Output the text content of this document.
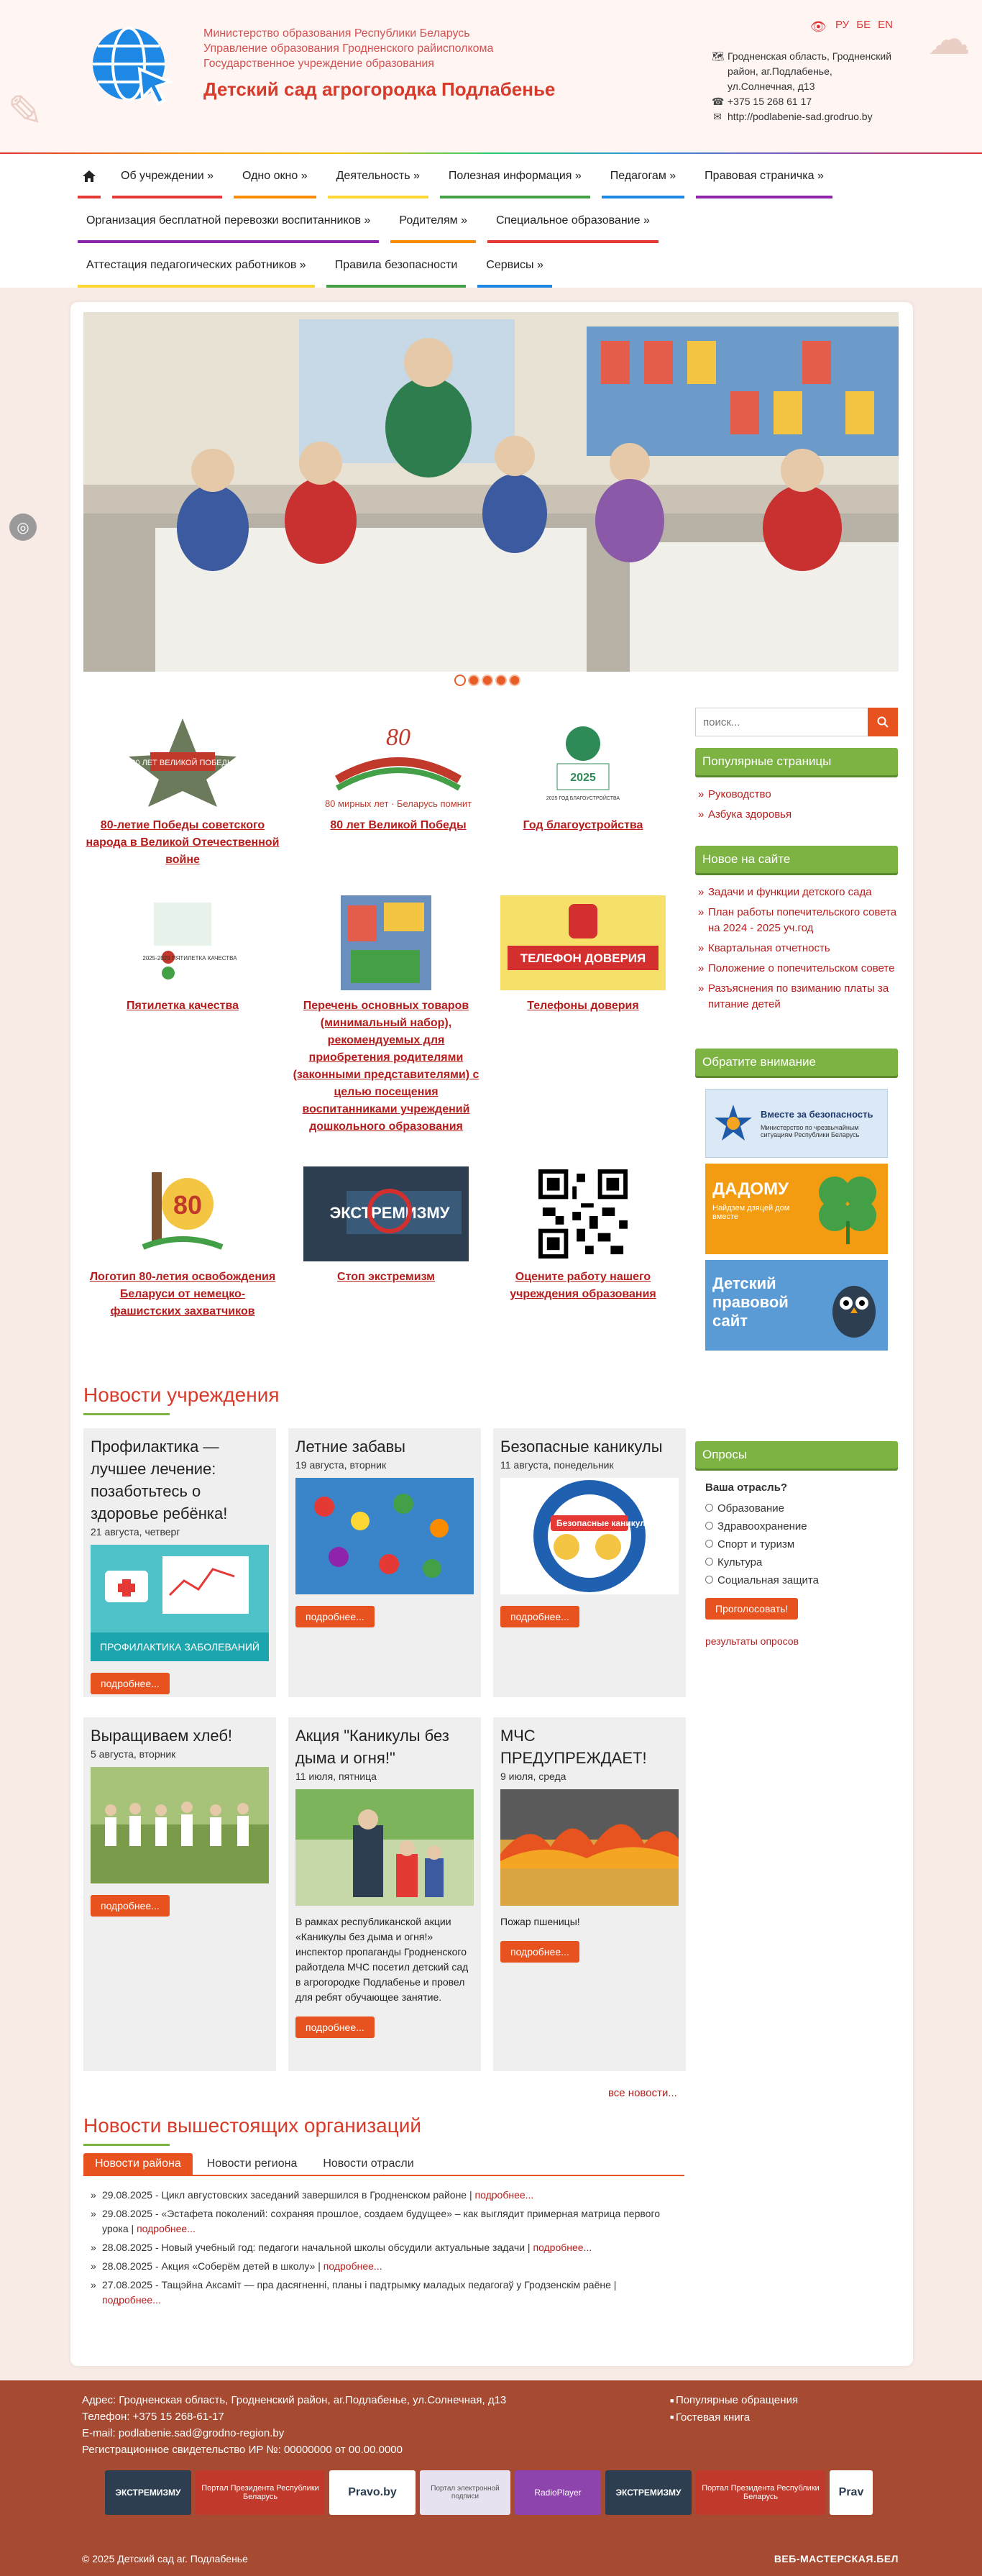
✎
☁
Министерство образования Республики Беларусь
Управление образования Гродненского райисполкома
Государственное учреждение образования
Детский сад агрогородка Подлабенье
👁 РУ БЕ EN
🗺 Гродненская область, Гродненский район, аг.Подлабенье, ул.Солнечная, д13
☎ +375 15 268 61 17
✉ http://podlabenie-sad.grodruo.by
Об учреждении »	Одно окно »	Деятельность »	Полезная информация »	Педагогам »	Правовая страничка »
Организация бесплатной перевозки воспитанников »	Родителям »	Специальное образование »
Аттестация педагогических работников »	Правила безопасности	Сервисы »
◎
80 ЛЕТ ВЕЛИКОЙ ПОБЕДЫ
80-летие Победы советского народа в Великой Отечественной войне
80
80 мирных лет · Беларусь помнит
80 лет Великой Победы
2025
2025 ГОД БЛАГОУСТРОЙСТВА
Год благоустройства
2025-2029 ПЯТИЛЕТКА КАЧЕСТВА
Пятилетка качества	Перечень основных товаров (минимальный набор), рекомендуемых для приобретения родителями (законными представителями) с целью посещения воспитанниками учреждений дошкольного образования
ТЕЛЕФОН ДОВЕРИЯ
Телефоны доверия
80
Логотип 80-летия освобождения Беларуси от немецко-фашистских захватчиков
ЭКСТРЕМИЗМУ
Стоп экстремизм	Оцените работу нашего учреждения образования
поиск...
Популярные страницы
» Руководство
» Азбука здоровья
Новое на сайте
» Задачи и функции детского сада
» План работы попечительского совета на 2024 - 2025 уч.год
» Квартальная отчетность
» Положение о попечительском совете
» Разъяснения по взиманию платы за питание детей
Обратите внимание
Вместе за безопасность
Министерство по чрезвычайным ситуациям Республики Беларусь
ДАДОМУ
Найдзем дзяцей дом вместе
Детский правовой сайт
Опросы
Ваша отрасль?
Образование
Здравоохранение
Спорт и туризм
Культура
Социальная защита
Проголосовать!
результаты опросов
Новости учреждения
Профилактика — лучшее лечение: позаботьтесь о здоровье ребёнка!
21 августа, четверг
ПРОФИЛАКТИКА ЗАБОЛЕВАНИЙ
подробнее...
Летние забавы
19 августа, вторник
подробнее...
Безопасные каникулы
11 августа, понедельник
Безопасные каникулы
подробнее...
Выращиваем хлеб!
5 августа, вторник
подробнее...
Акция "Каникулы без дыма и огня!"
11 июля, пятница
В рамках республиканской акции «Каникулы без дыма и огня!» инспектор пропаганды Гродненского райотдела МЧС посетил детский сад в агрогородке Подлабенье и провел для ребят обучающее занятие.
подробнее...
МЧС ПРЕДУПРЕЖДАЕТ!
9 июля, среда
Пожар пшеницы!
подробнее...
все новости...
Новости вышестоящих организаций
Новости района	Новости региона	Новости отрасли
» 29.08.2025 - Цикл августовских заседаний завершился в Гродненском районе | подробнее...
» 29.08.2025 - «Эстафета поколений: сохраняя прошлое, создаем будущее» – как выглядит примерная матрица первого урока | подробнее...
» 28.08.2025 - Новый учебный год: педагоги начальной школы обсудили актуальные задачи | подробнее...
» 28.08.2025 - Акция «Соберём детей в школу» | подробнее...
» 27.08.2025 - Тащэйна Аксамiт — пра дасягненнi, планы i падтрымку маладых педагогаў у Гродзенскім раёне | подробнее...
Адрес: Гродненская область, Гродненский район, аг.Подлабенье, ул.Солнечная, д13
Телефон: +375 15 268-61-17
E-mail: podlabenie.sad@grodno-region.by
Регистрационное свидетельство ИР №: 00000000 от 00.00.0000
■ Популярные обращения
■ Гостевая книга
ЭКСТРЕМИЗМУ	Портал Президента Республики Беларусь	Pravo.by	Портал электронной подписи	RadioPlayer	ЭКСТРЕМИЗМУ	Портал Президента Республики Беларусь	Prav
© 2025 Детский сад аг. Подлабенье	ВЕБ-МАСТЕРСКАЯ.БЕЛ
